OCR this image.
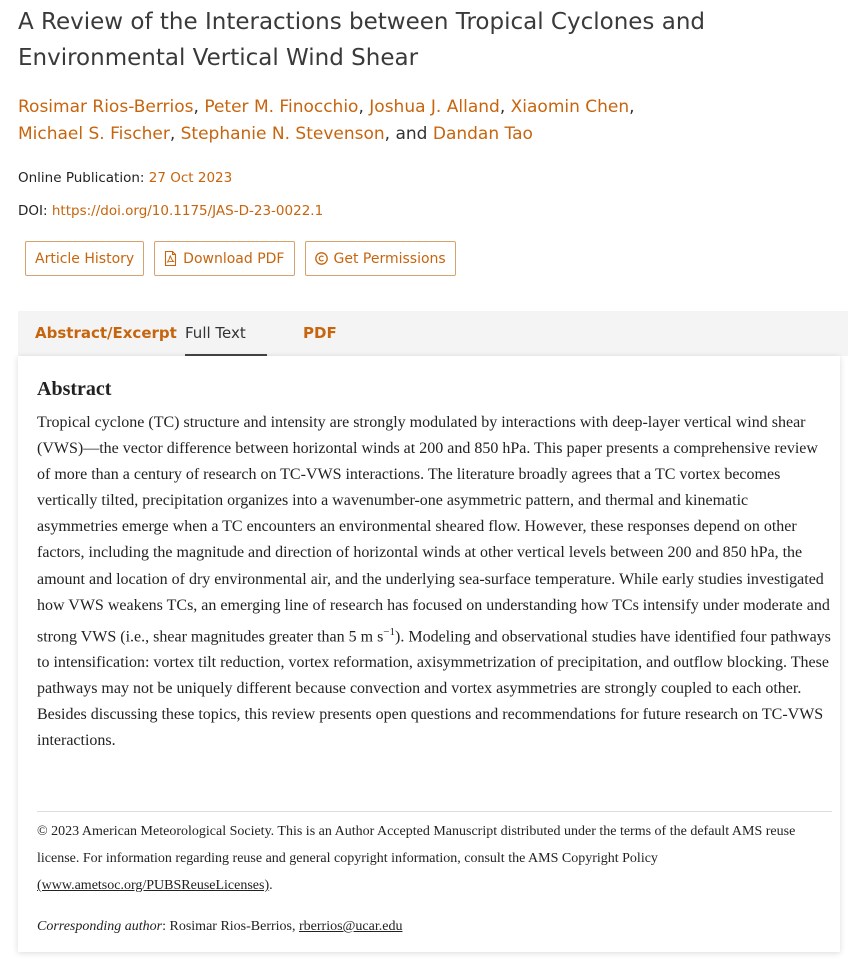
A Review of the Interactions between Tropical Cyclones and Environmental Vertical Wind Shear
Rosimar Rios-Berrios, Peter M. Finocchio, Joshua J. Alland, Xiaomin Chen,
Michael S. Fischer, Stephanie N. Stevenson, and Dandan Tao
Online Publication: 27 Oct 2023
DOI: https://doi.org/10.1175/JAS-D-23-0022.1
Article History	Download PDF	Get Permissions
Abstract/Excerpt Full Text	PDF
Abstract
Tropical cyclone (TC) structure and intensity are strongly modulated by interactions with deep-layer vertical wind shear (VWS)—the vector difference between horizontal winds at 200 and 850 hPa. This paper presents a comprehensive review of more than a century of research on TC-VWS interactions. The literature broadly agrees that a TC vortex becomes vertically tilted, precipitation organizes into a wavenumber-one asymmetric pattern, and thermal and kinematic asymmetries emerge when a TC encounters an environmental sheared flow. However, these responses depend on other factors, including the magnitude and direction of horizontal winds at other vertical levels between 200 and 850 hPa, the amount and location of dry environmental air, and the underlying sea-surface temperature. While early studies investigated how VWS weakens TCs, an emerging line of research has focused on understanding how TCs intensify under moderate and strong VWS (i.e., shear magnitudes greater than 5 m $s^{-1}$). Modeling and observational studies have identified four pathways to intensification: vortex tilt reduction, vortex reformation, axisymmetrization of precipitation, and outflow blocking. These pathways may not be uniquely different because convection and vortex asymmetries are strongly coupled to each other. Besides discussing these topics, this review presents open questions and recommendations for future research on TC-VWS interactions.
© 2023 American Meteorological Society. This is an Author Accepted Manuscript distributed under the terms of the default AMS reuse license. For information regarding reuse and general copyright information, consult the AMS Copyright Policy (www.ametsoc.org/PUBSReuseLicenses).
Corresponding author: Rosimar Rios-Berrios, rberrios@ucar.edu
